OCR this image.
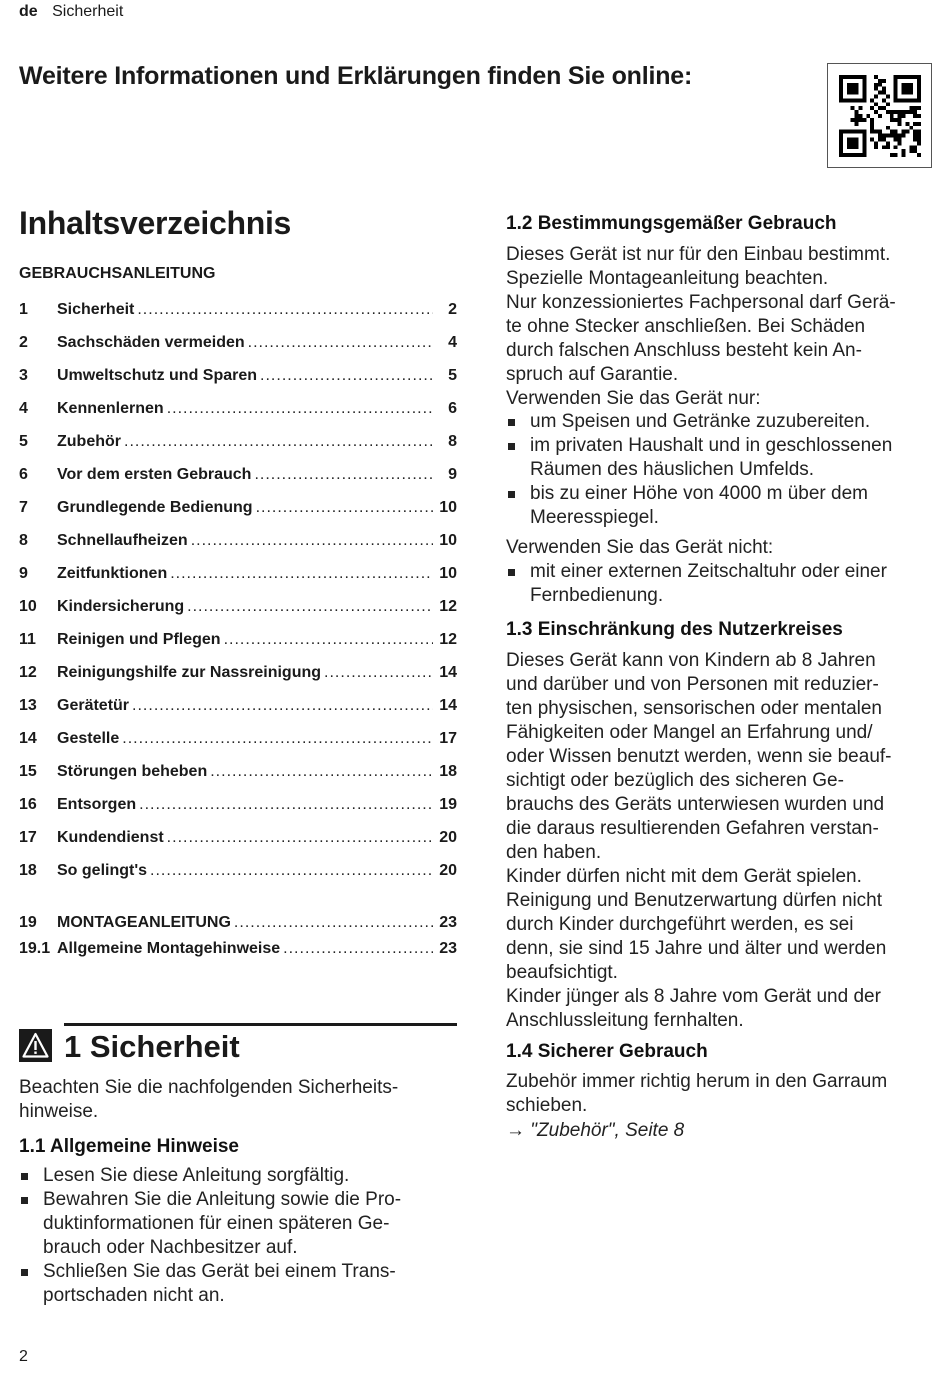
de Sicherheit
Weitere Informationen und Erklärungen finden Sie online:
Inhaltsverzeichnis
GEBRAUCHSANLEITUNG
1	Sicherheit .....	2
2	Sachschäden vermeiden .....	4
3	Umweltschutz und Sparen .....	5
4	Kennenlernen .....	6
5	Zubehör .....	8
6	Vor dem ersten Gebrauch .....	9
7	Grundlegende Bedienung .....	10
8	Schnellaufheizen .....	10
9	Zeitfunktionen .....	10
10	Kindersicherung .....	12
11	Reinigen und Pflegen .....	12
12	Reinigungshilfe zur Nassreinigung .....	14
13	Gerätetür .....	14
14	Gestelle .....	17
15	Störungen beheben .....	18
16	Entsorgen .....	19
17	Kundendienst .....	20
18	So gelingt's .....	20
19	MONTAGEANLEITUNG .....	23
19.1 Allgemeine Montagehinweise .....	23
1 Sicherheit
Beachten Sie die nachfolgenden Sicherheits-
hinweise.
1.1 Allgemeine Hinweise
Lesen Sie diese Anleitung sorgfältig.
Bewahren Sie die Anleitung sowie die Pro-
duktinformationen für einen späteren Ge-
brauch oder Nachbesitzer auf.
Schließen Sie das Gerät bei einem Trans-
portschaden nicht an.
1.2 Bestimmungsgemäßer Gebrauch
Dieses Gerät ist nur für den Einbau bestimmt.
Spezielle Montageanleitung beachten.
Nur konzessioniertes Fachpersonal darf Gerä-
te ohne Stecker anschließen. Bei Schäden
durch falschen Anschluss besteht kein An-
spruch auf Garantie.
Verwenden Sie das Gerät nur:
um Speisen und Getränke zuzubereiten.
im privaten Haushalt und in geschlossenen
Räumen des häuslichen Umfelds.
bis zu einer Höhe von 4000 m über dem
Meeresspiegel.
Verwenden Sie das Gerät nicht:
mit einer externen Zeitschaltuhr oder einer
Fernbedienung.
1.3 Einschränkung des Nutzerkreises
Dieses Gerät kann von Kindern ab 8 Jahren
und darüber und von Personen mit reduzier-
ten physischen, sensorischen oder mentalen
Fähigkeiten oder Mangel an Erfahrung und/
oder Wissen benutzt werden, wenn sie beauf-
sichtigt oder bezüglich des sicheren Ge-
brauchs des Geräts unterwiesen wurden und
die daraus resultierenden Gefahren verstan-
den haben.
Kinder dürfen nicht mit dem Gerät spielen.
Reinigung und Benutzerwartung dürfen nicht
durch Kinder durchgeführt werden, es sei
denn, sie sind 15 Jahre und älter und werden
beaufsichtigt.
Kinder jünger als 8 Jahre vom Gerät und der
Anschlussleitung fernhalten.
1.4 Sicherer Gebrauch
Zubehör immer richtig herum in den Garraum
schieben.
→ "Zubehör", Seite 8
2
